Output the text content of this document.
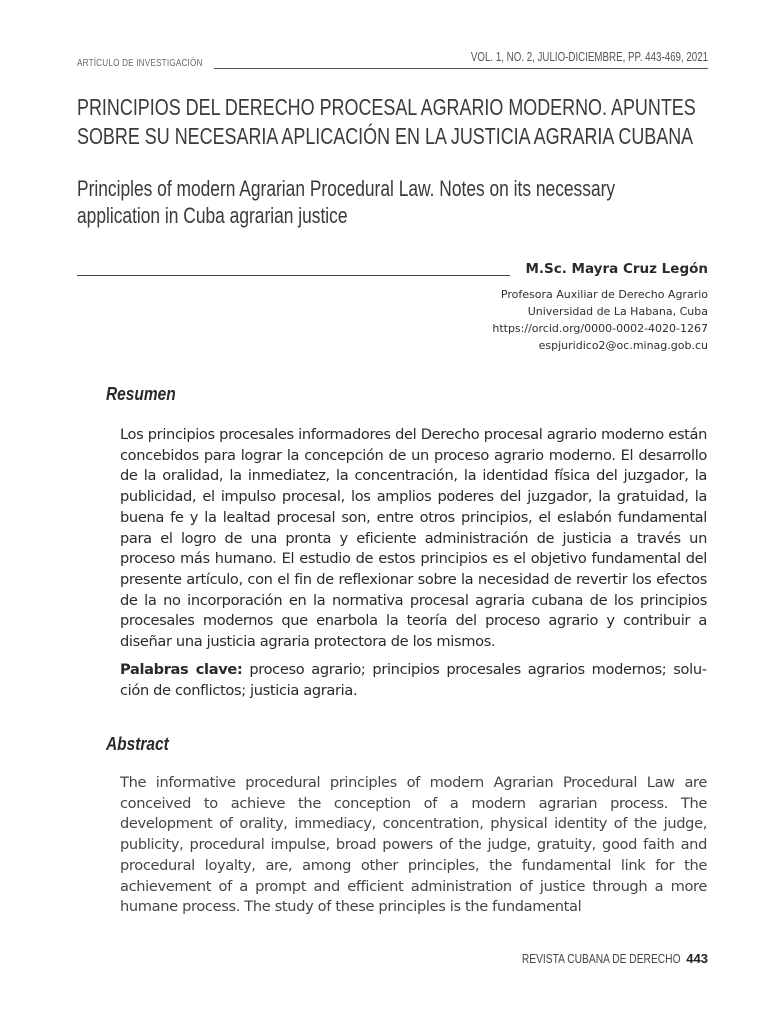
ARTÍCULO DE INVESTIGACIÓN	VOL. 1, NO. 2, JULIO-DICIEMBRE, PP. 443-469, 2021
PRINCIPIOS DEL DERECHO PROCESAL AGRARIO MODERNO. APUNTES
SOBRE SU NECESARIA APLICACIÓN EN LA JUSTICIA AGRARIA CUBANA
Principles of modern Agrarian Procedural Law. Notes on its necessary
application in Cuba agrarian justice
M.Sc. Mayra Cruz Legón
Profesora Auxiliar de Derecho Agrario
Universidad de La Habana, Cuba
https://orcid.org/0000-0002-4020-1267
espjuridico2@oc.minag.gob.cu
Resumen
Los principios procesales informadores del Derecho procesal agrario moderno están concebidos para lograr la concepción de un proceso agrario moderno. El desarrollo de la oralidad, la inmediatez, la concentración, la identidad física del juzgador, la publicidad, el impulso procesal, los amplios poderes del juzgador, la gratuidad, la buena fe y la lealtad procesal son, entre otros principios, el eslabón fundamental para el logro de una pronta y eficiente administración de justicia a través un proceso más humano. El estudio de estos principios es el objetivo fundamental del presente artículo, con el fin de reflexionar sobre la necesidad de revertir los efectos de la no incorporación en la normativa procesal agraria cubana de los principios procesales modernos que enarbola la teoría del proceso agrario y contribuir a diseñar una justicia agraria protectora de los mismos.
Palabras clave: proceso agrario; principios procesales agrarios modernos; solución de conflictos; justicia agraria.
Abstract
The informative procedural principles of modern Agrarian Procedural Law are conceived to achieve the conception of a modern agrarian process. The development of orality, immediacy, concentration, physical identity of the judge, publicity, procedural impulse, broad powers of the judge, gratuity, good faith and procedural loyalty, are, among other principles, the fundamental link for the achievement of a prompt and efficient administration of justice through a more humane process. The study of these principles is the fundamental
REVISTA CUBANA DE DERECHO 443
